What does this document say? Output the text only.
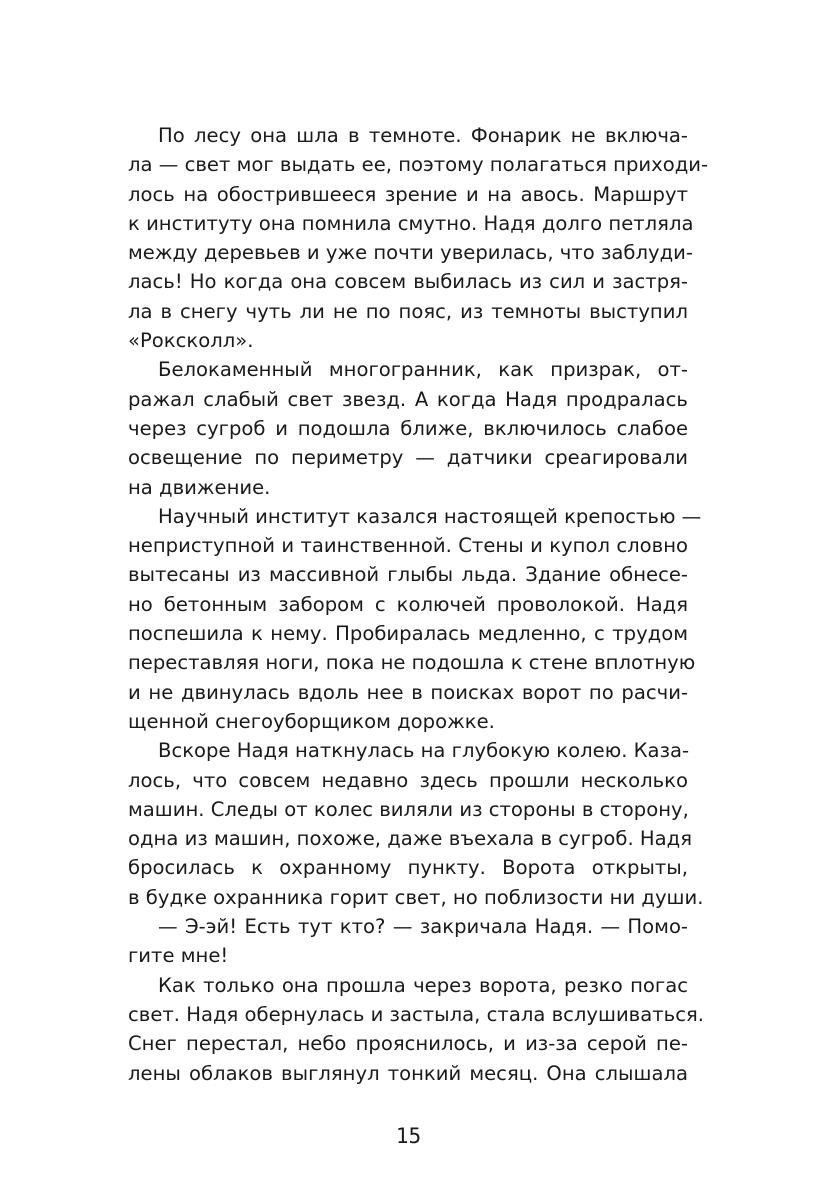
По лесу она шла в темноте. Фонарик не включа-
ла — свет мог выдать ее, поэтому полагаться приходи-
лось на обострившееся зрение и на авось. Маршрут
к институту она помнила смутно. Надя долго петляла
между деревьев и уже почти уверилась, что заблуди-
лась! Но когда она совсем выбилась из сил и застря-
ла в снегу чуть ли не по пояс, из темноты выступил
«Роксколл».
Белокаменный многогранник, как призрак, от-
ражал слабый свет звезд. А когда Надя продралась
через сугроб и подошла ближе, включилось слабое
освещение по периметру — датчики среагировали
на движение.
Научный институт казался настоящей крепостью —
неприступной и таинственной. Стены и купол словно
вытесаны из массивной глыбы льда. Здание обнесе-
но бетонным забором с колючей проволокой. Надя
поспешила к нему. Пробиралась медленно, с трудом
переставляя ноги, пока не подошла к стене вплотную
и не двинулась вдоль нее в поисках ворот по расчи-
щенной снегоуборщиком дорожке.
Вскоре Надя наткнулась на глубокую колею. Каза-
лось, что совсем недавно здесь прошли несколько
машин. Следы от колес виляли из стороны в сторону,
одна из машин, похоже, даже въехала в сугроб. Надя
бросилась к охранному пункту. Ворота открыты,
в будке охранника горит свет, но поблизости ни души.
— Э-эй! Есть тут кто? — закричала Надя. — Помо-
гите мне!
Как только она прошла через ворота, резко погас
свет. Надя обернулась и застыла, стала вслушиваться.
Снег перестал, небо прояснилось, и из-за серой пе-
лены облаков выглянул тонкий месяц. Она слышала
15
